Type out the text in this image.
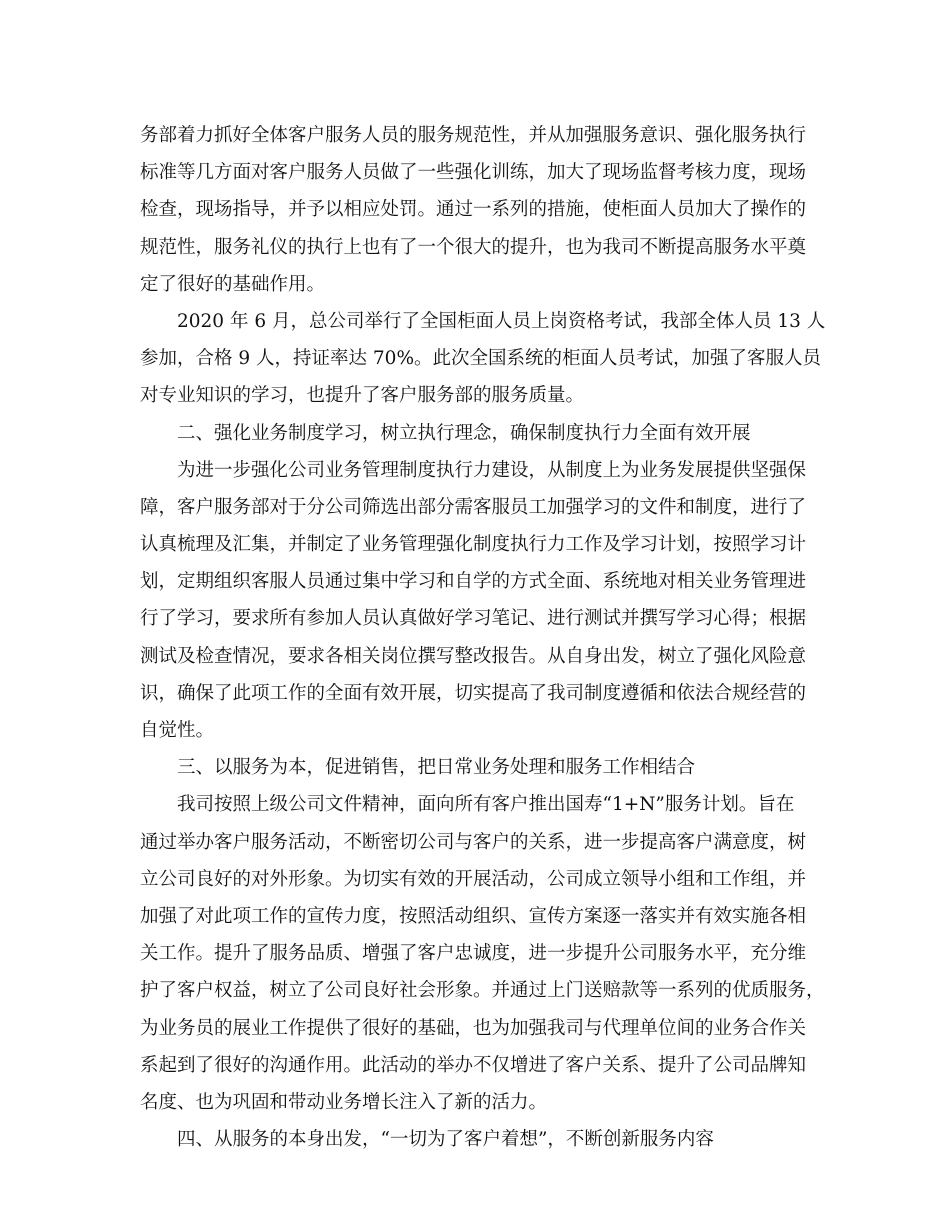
务部着力抓好全体客户服务人员的服务规范性，并从加强服务意识、强化服务执行
标准等几方面对客户服务人员做了一些强化训练，加大了现场监督考核力度，现场
检查，现场指导，并予以相应处罚。通过一系列的措施，使柜面人员加大了操作的
规范性，服务礼仪的执行上也有了一个很大的提升，也为我司不断提高服务水平奠
定了很好的基础作用。
2020 年 6 月，总公司举行了全国柜面人员上岗资格考试，我部全体人员 13 人
参加，合格 9 人，持证率达 70%。此次全国系统的柜面人员考试，加强了客服人员
对专业知识的学习，也提升了客户服务部的服务质量。
二、强化业务制度学习，树立执行理念，确保制度执行力全面有效开展
为进一步强化公司业务管理制度执行力建设，从制度上为业务发展提供坚强保
障，客户服务部对于分公司筛选出部分需客服员工加强学习的文件和制度，进行了
认真梳理及汇集，并制定了业务管理强化制度执行力工作及学习计划，按照学习计
划，定期组织客服人员通过集中学习和自学的方式全面、系统地对相关业务管理进
行了学习，要求所有参加人员认真做好学习笔记、进行测试并撰写学习心得；根据
测试及检查情况，要求各相关岗位撰写整改报告。从自身出发，树立了强化风险意
识，确保了此项工作的全面有效开展，切实提高了我司制度遵循和依法合规经营的
自觉性。
三、以服务为本，促进销售，把日常业务处理和服务工作相结合
我司按照上级公司文件精神，面向所有客户推出国寿“1+N”服务计划。旨在
通过举办客户服务活动，不断密切公司与客户的关系，进一步提高客户满意度，树
立公司良好的对外形象。为切实有效的开展活动，公司成立领导小组和工作组，并
加强了对此项工作的宣传力度，按照活动组织、宣传方案逐一落实并有效实施各相
关工作。提升了服务品质、增强了客户忠诚度，进一步提升公司服务水平，充分维
护了客户权益，树立了公司良好社会形象。并通过上门送赔款等一系列的优质服务，
为业务员的展业工作提供了很好的基础，也为加强我司与代理单位间的业务合作关
系起到了很好的沟通作用。此活动的举办不仅增进了客户关系、提升了公司品牌知
名度、也为巩固和带动业务增长注入了新的活力。
四、从服务的本身出发，“一切为了客户着想”，不断创新服务内容
